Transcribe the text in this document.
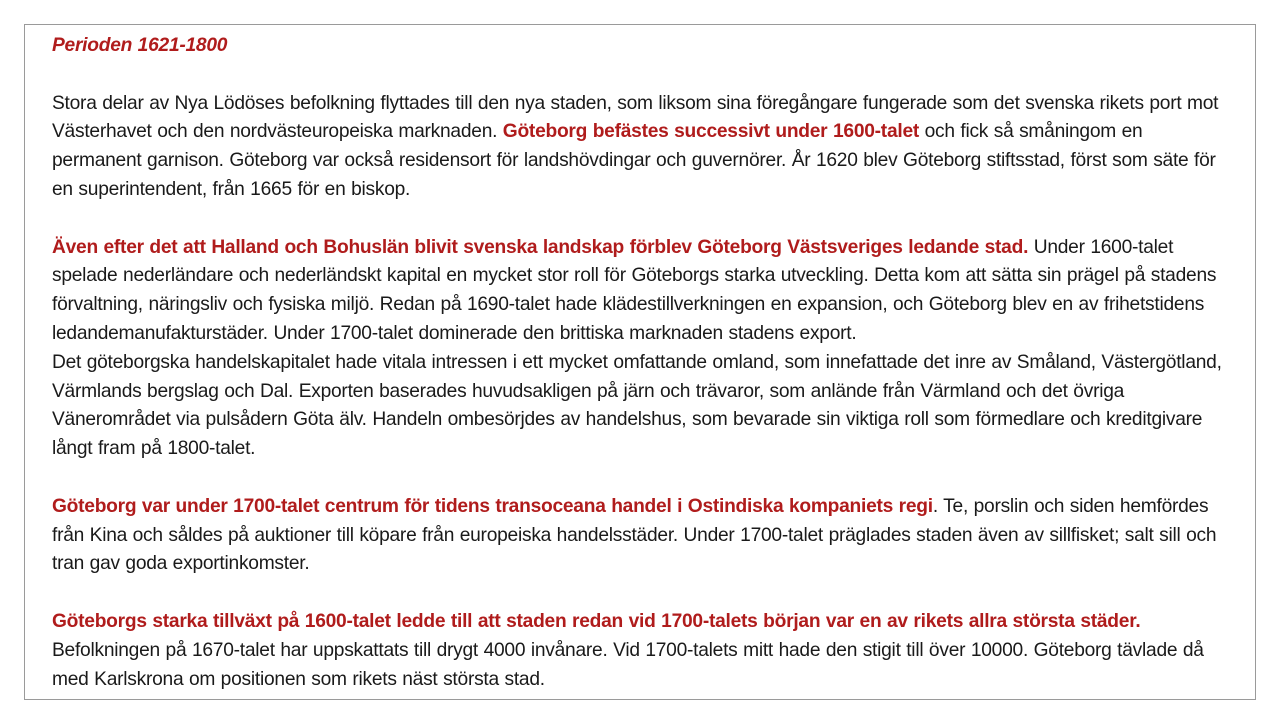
Perioden 1621-1800

Stora delar av Nya Lödöses befolkning flyttades till den nya staden, som liksom sina föregångare fungerade som det svenska rikets port mot Västerhavet och den nordvästeuropeiska marknaden. Göteborg befästes successivt under 1600-talet och fick så småningom en permanent garnison. Göteborg var också residensort för landshövdingar och guvernörer. År 1620 blev Göteborg stiftsstad, först som säte för en superintendent, från 1665 för en biskop.

Även efter det att Halland och Bohuslän blivit svenska landskap förblev Göteborg Västsveriges ledande stad. Under 1600-talet spelade nederländare och nederländskt kapital en mycket stor roll för Göteborgs starka utveckling. Detta kom att sätta sin prägel på stadens förvaltning, näringsliv och fysiska miljö. Redan på 1690-talet hade klädestillverkningen en expansion, och Göteborg blev en av frihetstidens ledandemanufakturstäder. Under 1700-talet dominerade den brittiska marknaden stadens export.

Det göteborgska handelskapitalet hade vitala intressen i ett mycket omfattande omland, som innefattade det inre av Småland, Västergötland, Värmlands bergslag och Dal. Exporten baserades huvudsakligen på järn och trävaror, som anlände från Värmland och det övriga Vänerområdet via pulsådern Göta älv. Handeln ombesörjdes av handelshus, som bevarade sin viktiga roll som förmedlare och kreditgivare långt fram på 1800-talet.

Göteborg var under 1700-talet centrum för tidens transoceana handel i Ostindiska kompaniets regi. Te, porslin och siden hemfördes från Kina och såldes på auktioner till köpare från europeiska handelsstäder. Under 1700-talet präglades staden även av sillfisket; salt sill och tran gav goda exportinkomster.

Göteborgs starka tillväxt på 1600-talet ledde till att staden redan vid 1700-talets början var en av rikets allra största städer. Befolkningen på 1670-talet har uppskattats till drygt 4000 invånare. Vid 1700-talets mitt hade den stigit till över 10000. Göteborg tävlade då med Karlskrona om positionen som rikets näst största stad.
